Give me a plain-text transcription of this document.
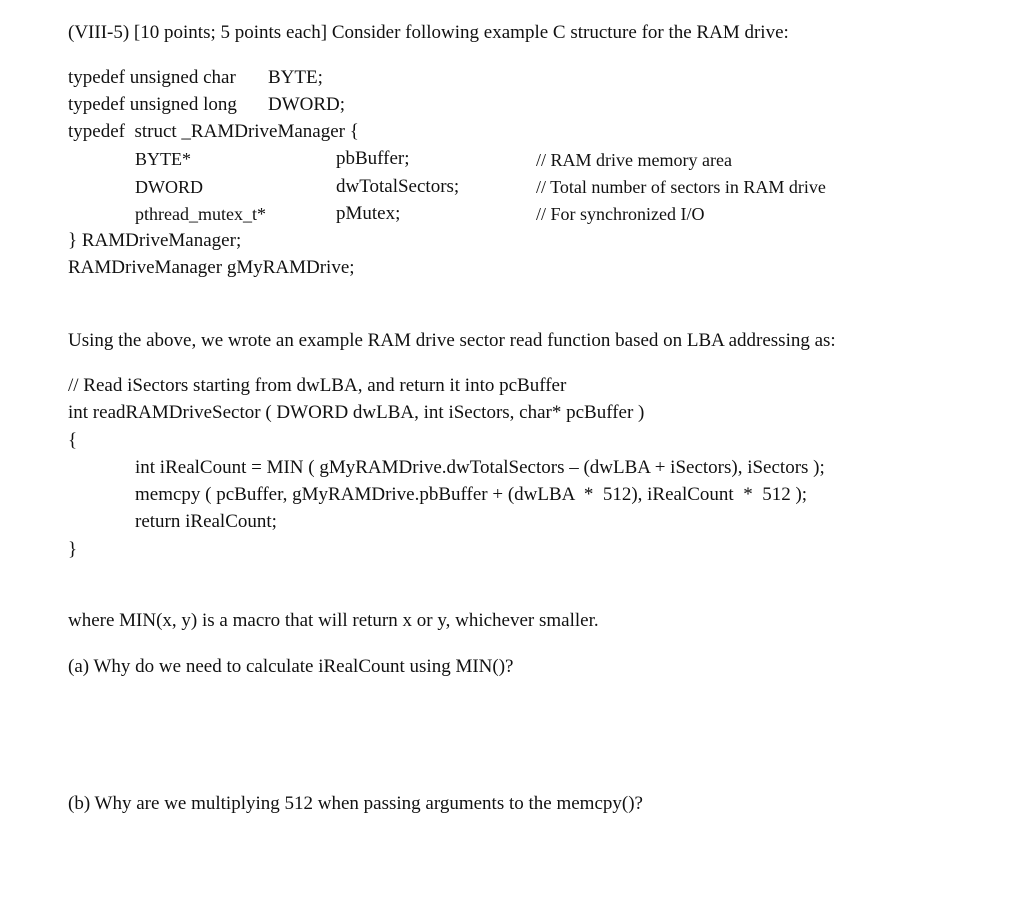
(VIII-5) [10 points; 5 points each] Consider following example C structure for the RAM drive:
typedef unsigned char BYTE;
typedef unsigned long DWORD;
typedef  struct _RAMDriveManager {
BYTE*	pbBuffer;	// RAM drive memory area
DWORD	dwTotalSectors;	// Total number of sectors in RAM drive
pthread_mutex_t*	pMutex;	// For synchronized I/O
} RAMDriveManager;
RAMDriveManager gMyRAMDrive;
Using the above, we wrote an example RAM drive sector read function based on LBA addressing as:
// Read iSectors starting from dwLBA, and return it into pcBuffer
int readRAMDriveSector ( DWORD dwLBA, int iSectors, char* pcBuffer )
{
int iRealCount = MIN ( gMyRAMDrive.dwTotalSectors – (dwLBA + iSectors), iSectors );
memcpy ( pcBuffer, gMyRAMDrive.pbBuffer + (dwLBA  *  512), iRealCount  *  512 );
return iRealCount;
}
where MIN(x, y) is a macro that will return x or y, whichever smaller.
(a) Why do we need to calculate iRealCount using MIN()?
(b) Why are we multiplying 512 when passing arguments to the memcpy()?
